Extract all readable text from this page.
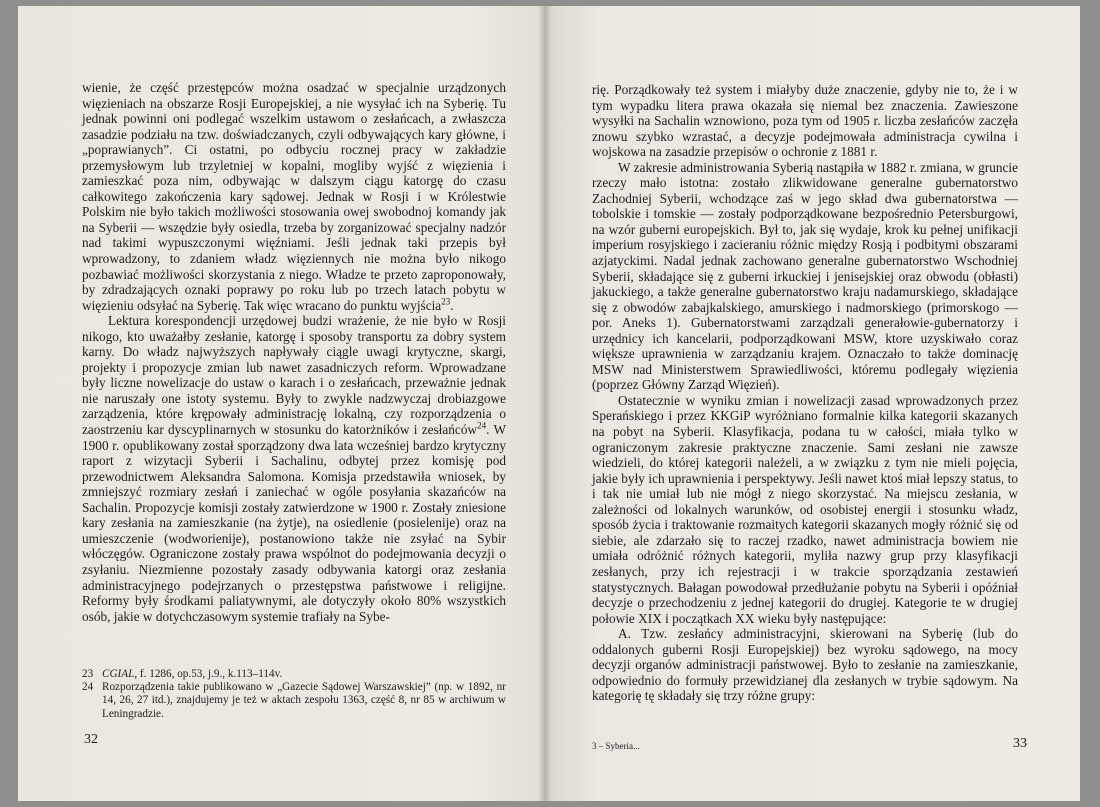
wienie, że część przestępców można osadzać w specjalnie urządzonych więzieniach na obszarze Rosji Europejskiej, a nie wysyłać ich na Syberię. Tu jednak powinni oni podlegać wszelkim ustawom o zesłańcach, a zwłaszcza zasadzie podziału na tzw. doświadczanych, czyli odbywających kary główne, i „poprawianych”. Ci ostatni, po odbyciu rocznej pracy w zakładzie przemysłowym lub trzyletniej w kopalni, mogliby wyjść z więzienia i zamieszkać poza nim, odbywając w dalszym ciągu katorgę do czasu całkowitego zakończenia kary sądowej. Jednak w Rosji i w Królestwie Polskim nie było takich możliwości stosowania owej swobodnoj komandy jak na Syberii — wszędzie były osiedla, trzeba by zorganizować specjalny nadzór nad takimi wypuszczonymi więźniami. Jeśli jednak taki przepis był wprowadzony, to zdaniem władz więziennych nie można było nikogo pozbawiać możliwości skorzystania z niego. Władze te przeto zaproponowały, by zdradzających oznaki poprawy po roku lub po trzech latach pobytu w więzieniu odsyłać na Syberię. Tak więc wracano do punktu wyjścia$^{23}$.

Lektura korespondencji urzędowej budzi wrażenie, że nie było w Rosji nikogo, kto uważałby zesłanie, katorgę i sposoby transportu za dobry system karny. Do władz najwyższych napływały ciągle uwagi krytyczne, skargi, projekty i propozycje zmian lub nawet zasadniczych reform. Wprowadzane były liczne nowelizacje do ustaw o karach i o zesłańcach, przeważnie jednak nie naruszały one istoty systemu. Były to zwykle nadzwyczaj drobiazgowe zarządzenia, które krępowały administrację lokalną, czy rozporządzenia o zaostrzeniu kar dyscyplinarnych w stosunku do katorżników i zesłańców$^{24}$. W 1900 r. opublikowany został sporządzony dwa lata wcześniej bardzo krytyczny raport z wizytacji Syberii i Sachalinu, odbytej przez komisję pod przewodnictwem Aleksandra Salomona. Komisja przedstawiła wniosek, by zmniejszyć rozmiary zesłań i zaniechać w ogóle posyłania skazańców na Sachalin. Propozycje komisji zostały zatwierdzone w 1900 r. Zostały zniesione kary zesłania na zamieszkanie (na żytje), na osiedlenie (posielenije) oraz na umieszczenie (wodworienije), postanowiono także nie zsyłać na Sybir włóczęgów. Ograniczone zostały prawa wspólnot do podejmowania decyzji o zsyłaniu. Niezmienne pozostały zasady odbywania katorgi oraz zesłania administracyjnego podejrzanych o przestępstwa państwowe i religijne. Reformy były środkami paliatywnymi, ale dotyczyły około 80% wszystkich osób, jakie w dotychczasowym systemie trafiały na Sybe-

23 CGIAL, f. 1286, op.53, j.9., k.113–114v.
24 Rozporządzenia takie publikowano w „Gazecie Sądowej Warszawskiej” (np. w 1892, nr 14, 26, 27 itd.), znajdujemy je też w aktach zespołu 1363, część 8, nr 85 w archiwum w Leningradzie.
32

rię. Porządkowały też system i miałyby duże znaczenie, gdyby nie to, że i w tym wypadku litera prawa okazała się niemal bez znaczenia. Zawieszone wysyłki na Sachalin wznowiono, poza tym od 1905 r. liczba zesłańców zaczęła znowu szybko wzrastać, a decyzje podejmowała administracja cywilna i wojskowa na zasadzie przepisów o ochronie z 1881 r.

W zakresie administrowania Syberią nastąpiła w 1882 r. zmiana, w gruncie rzeczy mało istotna: zostało zlikwidowane generalne gubernatorstwo Zachodniej Syberii, wchodzące zaś w jego skład dwa gubernatorstwa — tobolskie i tomskie — zostały podporządkowane bezpośrednio Petersburgowi, na wzór guberni europejskich. Był to, jak się wydaje, krok ku pełnej unifikacji imperium rosyjskiego i zacieraniu różnic między Rosją i podbitymi obszarami azjatyckimi. Nadal jednak zachowano generalne gubernatorstwo Wschodniej Syberii, składające się z guberni irkuckiej i jenisejskiej oraz obwodu (obłasti) jakuckiego, a także generalne gubernatorstwo kraju nadamurskiego, składające się z obwodów zabajkalskiego, amurskiego i nadmorskiego (primorskogo — por. Aneks 1). Gubernatorstwami zarządzali generałowie-gubernatorzy i urzędnicy ich kancelarii, podporządkowani MSW, ktore uzyskiwało coraz większe uprawnienia w zarządzaniu krajem. Oznaczało to także dominację MSW nad Ministerstwem Sprawiedliwości, któremu podlegały więzienia (poprzez Główny Zarząd Więzień).

Ostatecznie w wyniku zmian i nowelizacji zasad wprowadzonych przez Sperańskiego i przez KKGiP wyróżniano formalnie kilka kategorii skazanych na pobyt na Syberii. Klasyfikacja, podana tu w całości, miała tylko w ograniczonym zakresie praktyczne znaczenie. Sami zesłani nie zawsze wiedzieli, do której kategorii należeli, a w związku z tym nie mieli pojęcia, jakie były ich uprawnienia i perspektywy. Jeśli nawet ktoś miał lepszy status, to i tak nie umiał lub nie mógł z niego skorzystać. Na miejscu zesłania, w zależności od lokalnych warunków, od osobistej energii i stosunku władz, sposób życia i traktowanie rozmaitych kategorii skazanych mogły różnić się od siebie, ale zdarzało się to raczej rzadko, nawet administracja bowiem nie umiała odróżnić różnych kategorii, myliła nazwy grup przy klasyfikacji zesłanych, przy ich rejestracji i w trakcie sporządzania zestawień statystycznych. Bałagan powodował przedłużanie pobytu na Syberii i opóźniał decyzje o przechodzeniu z jednej kategorii do drugiej. Kategorie te w drugiej połowie XIX i początkach XX wieku były następujące:

A. Tzw. zesłańcy administracyjni, skierowani na Syberię (lub do oddalonych guberni Rosji Europejskiej) bez wyroku sądowego, na mocy decyzji organów administracji państwowej. Było to zesłanie na zamieszkanie, odpowiednio do formuły przewidzianej dla zesłanych w trybie sądowym. Na kategorię tę składały się trzy różne grupy:

3 – Syberia...	33
